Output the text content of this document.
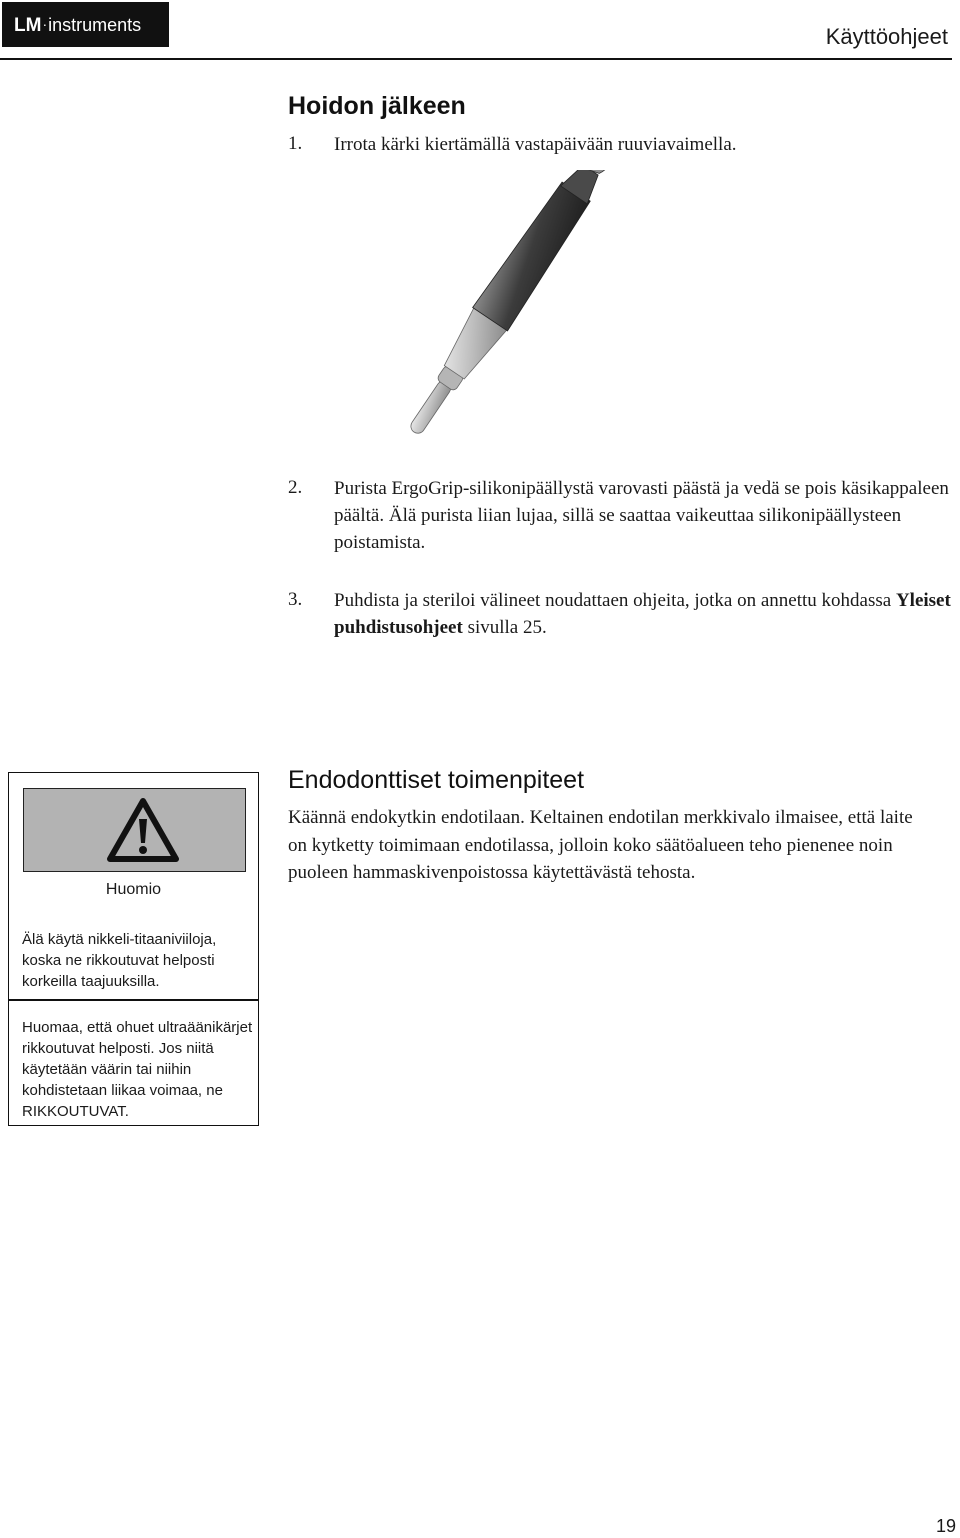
LM·instruments	Käyttöohjeet
Hoidon jälkeen
1. Irrota kärki kiertämällä vastapäivään ruuviavaimella.
2. Purista ErgoGrip-silikonipäällystä varovasti päästä ja vedä se pois käsikappaleen päältä. Älä purista liian lujaa, sillä se saattaa vaikeuttaa silikonipäällysteen poistamista.
3. Puhdista ja steriloi välineet noudattaen ohjeita, jotka on annettu kohdassa Yleiset puhdistusohjeet sivulla 25.
Huomio
Älä käytä nikkeli-titaaniviiloja, koska ne rikkoutuvat helposti korkeilla taajuuksilla.
Huomaa, että ohuet ultraäänikärjet rikkoutuvat helposti. Jos niitä käytetään väärin tai niihin kohdistetaan liikaa voimaa, ne RIKKOUTUVAT.
Endodonttiset toimenpiteet
Käännä endokytkin endotilaan. Keltainen endotilan merkkivalo ilmaisee, että laite on kytketty toimimaan endotilassa, jolloin koko säätöalueen teho pienenee noin puoleen hammaskivenpoistossa käytettävästä tehosta.
19
